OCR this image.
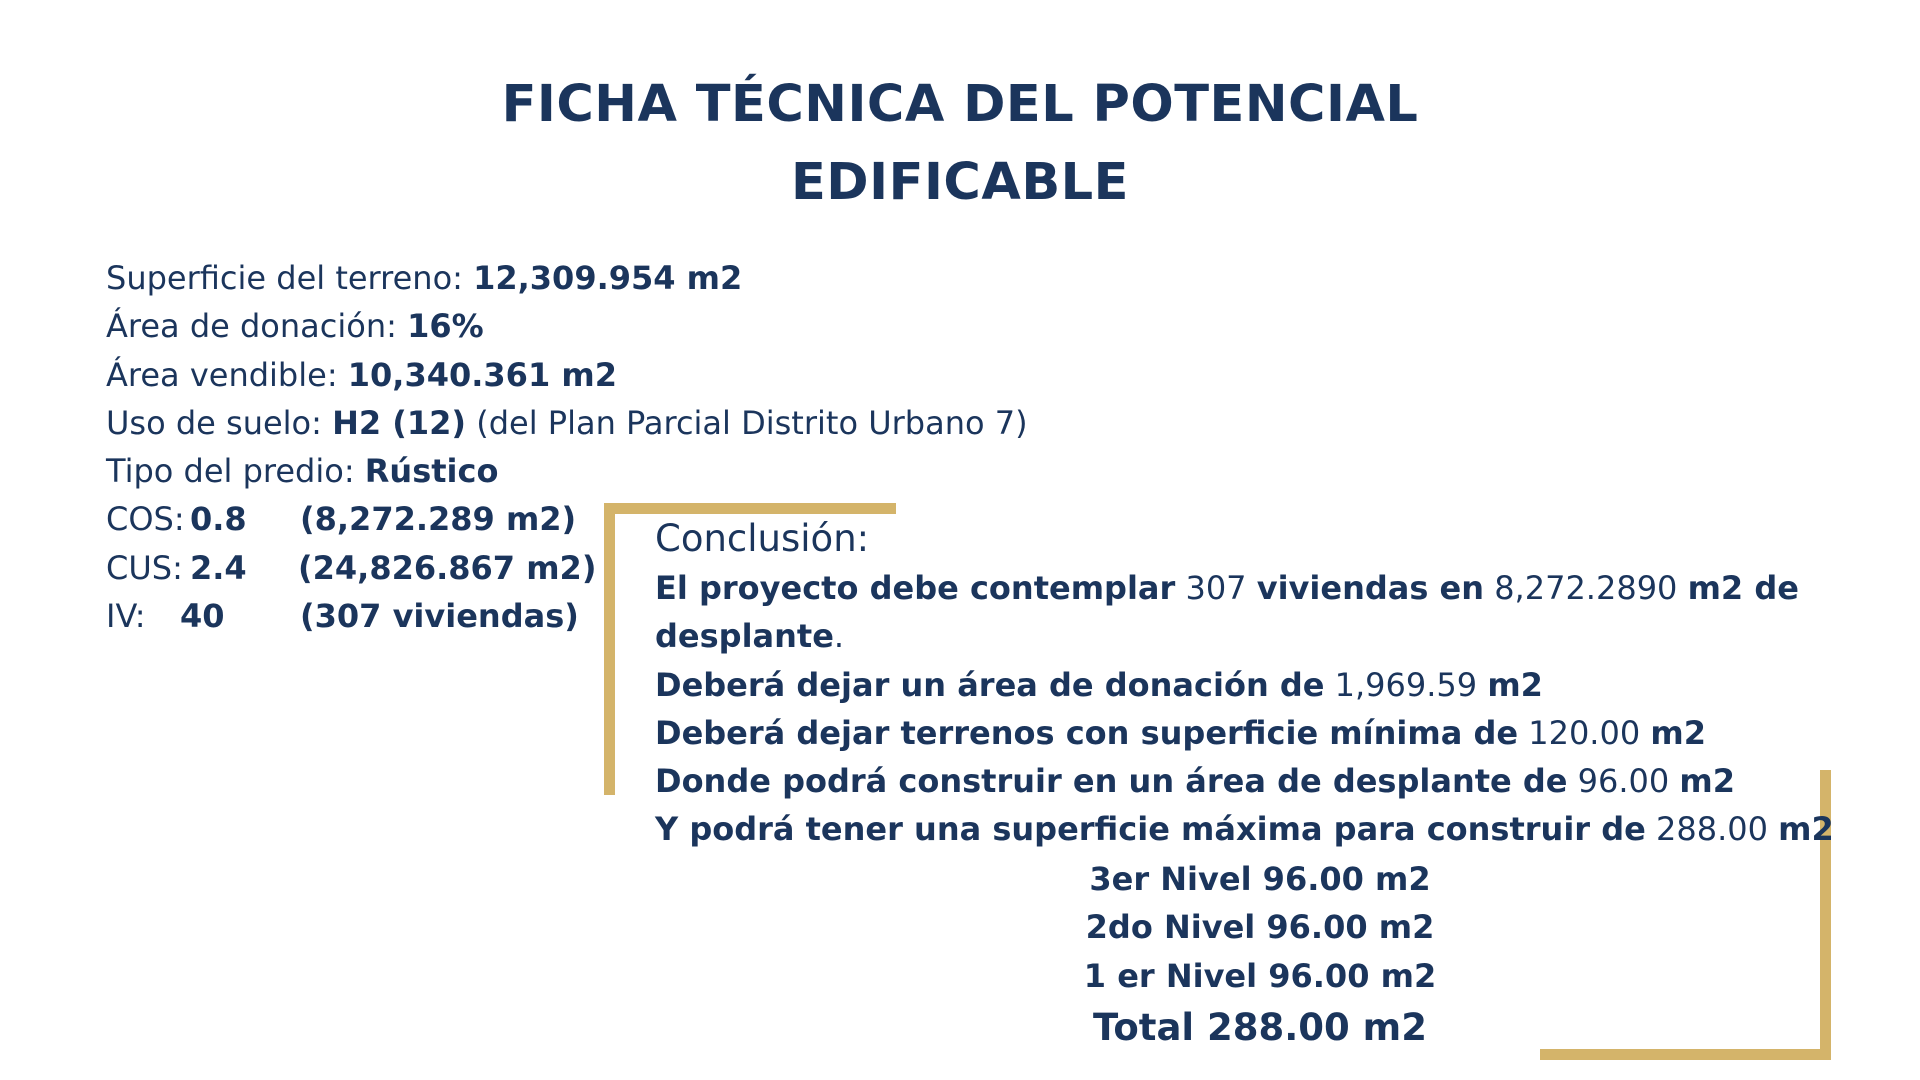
FICHA TÉCNICA DEL POTENCIAL
EDIFICABLE
Superficie del terreno: 12,309.954 m2
Área de donación: 16%
Área vendible: 10,340.361 m2
Uso de suelo: H2 (12) (del Plan Parcial Distrito Urbano 7)
Tipo del predio: Rústico
COS: 0.8 (8,272.289 m2)
CUS: 2.4 (24,826.867 m2)
IV: 40 (307 viviendas)
Conclusión:
El proyecto debe contemplar 307 viviendas en 8,272.2890 m2 de desplante.
Deberá dejar un área de donación de 1,969.59 m2
Deberá dejar terrenos con superficie mínima de 120.00 m2
Donde podrá construir en un área de desplante de 96.00 m2
Y podrá tener una superficie máxima para construir de 288.00 m2
3er Nivel 96.00 m2
2do Nivel 96.00 m2
1 er Nivel 96.00 m2
Total 288.00 m2
